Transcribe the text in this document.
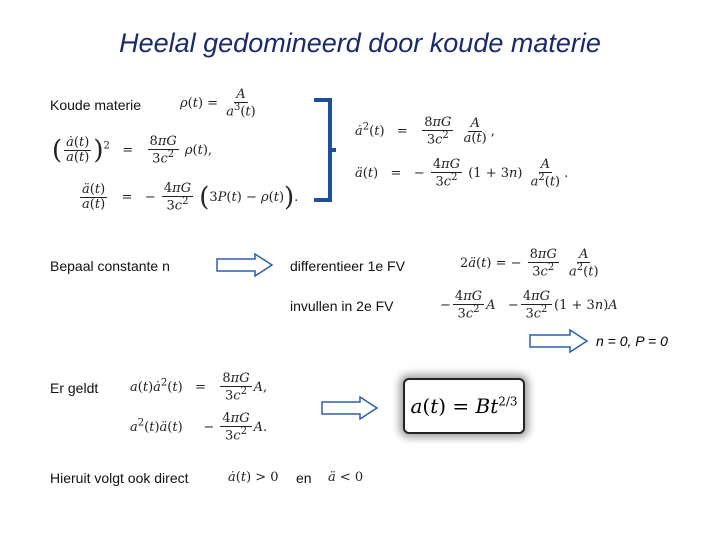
Heelal gedomineerd door koude materie
Koude materie	$\rho(t) = \frac{A}{a^3(t)}$
( $\frac{ȧ(t)}{a(t)} )^2 = \frac{8\pi G}{3c^2} \rho(t)$,
$\frac{ä(t)}{a(t)}$ =   − $\frac{4\pi G}{3c^2} (3P(t) - \rho(t))$.
$ȧ^2(t) = \frac{8\pi G}{3c^2}$
$\frac{A}{a(t)}$ ,
ä(t)   =   − $\frac{4\pi G}{3c^2} (1 + 3n) \frac{A}{a^2(t)}$ .
Bepaal constante n	differentieer 1e FV	2ä(t) = − $\frac{8\pi G}{3c^2}$
$\frac{A}{a^2(t)}$
invullen in 2e FV	− $\frac{4\pi G}{3c^2}$ $A - \frac{4\pi G}{3c^2} (1 + 3n)A$
n = 0, P = 0
Er geldt $a(t)ȧ^2(t) = \frac{8\pi G}{3c^2} A$,
$a^2(t)ä(t)$     − $\frac{4\pi G}{3c^2} A$.
$a(t) = Bt^{2/3}$
Hieruit volgt ook direct	ȧ(t) > 0 en ä < 0
